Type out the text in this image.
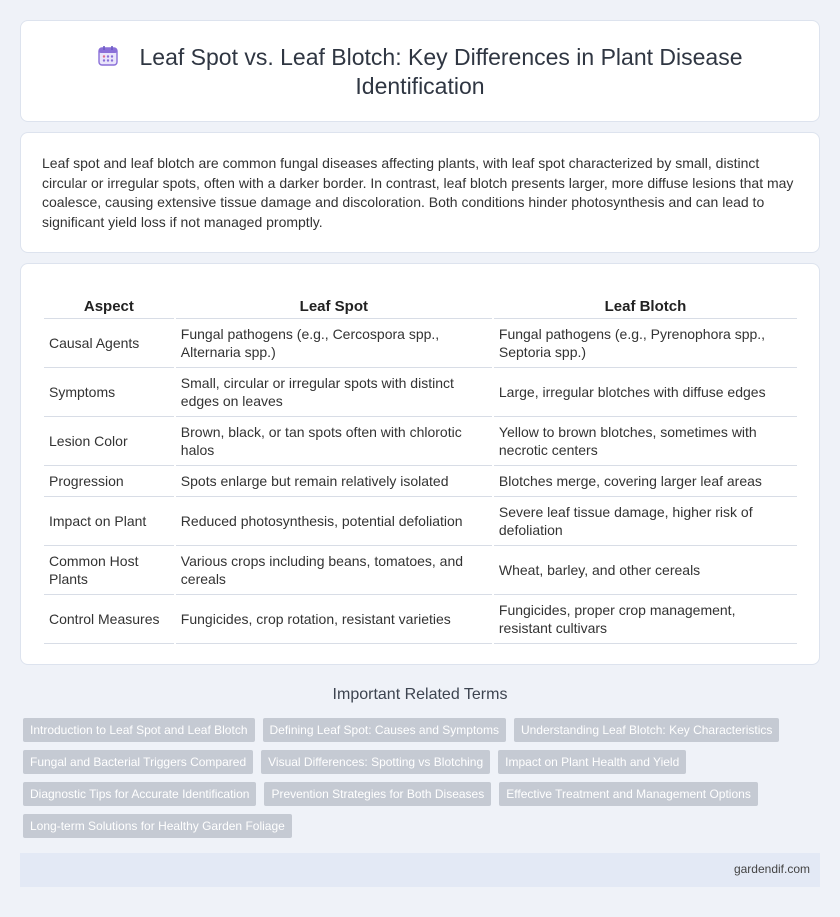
Leaf Spot vs. Leaf Blotch: Key Differences in Plant Disease Identification

Leaf spot and leaf blotch are common fungal diseases affecting plants, with leaf spot characterized by small, distinct circular or irregular spots, often with a darker border. In contrast, leaf blotch presents larger, more diffuse lesions that may coalesce, causing extensive tissue damage and discoloration. Both conditions hinder photosynthesis and can lead to significant yield loss if not managed promptly.

Aspect	Leaf Spot	Leaf Blotch
Causal Agents	Fungal pathogens (e.g., Cercospora spp., Alternaria spp.)	Fungal pathogens (e.g., Pyrenophora spp., Septoria spp.)
Symptoms	Small, circular or irregular spots with distinct edges on leaves	Large, irregular blotches with diffuse edges
Lesion Color	Brown, black, or tan spots often with chlorotic halos	Yellow to brown blotches, sometimes with necrotic centers
Progression	Spots enlarge but remain relatively isolated	Blotches merge, covering larger leaf areas
Impact on Plant	Reduced photosynthesis, potential defoliation	Severe leaf tissue damage, higher risk of defoliation
Common Host Plants	Various crops including beans, tomatoes, and cereals	Wheat, barley, and other cereals
Control Measures	Fungicides, crop rotation, resistant varieties	Fungicides, proper crop management, resistant cultivars
Important Related Terms
Introduction to Leaf Spot and Leaf Blotch	Defining Leaf Spot: Causes and Symptoms	Understanding Leaf Blotch: Key Characteristics
Fungal and Bacterial Triggers Compared	Visual Differences: Spotting vs Blotching	Impact on Plant Health and Yield
Diagnostic Tips for Accurate Identification	Prevention Strategies for Both Diseases	Effective Treatment and Management Options
Long-term Solutions for Healthy Garden Foliage
gardendif.com
